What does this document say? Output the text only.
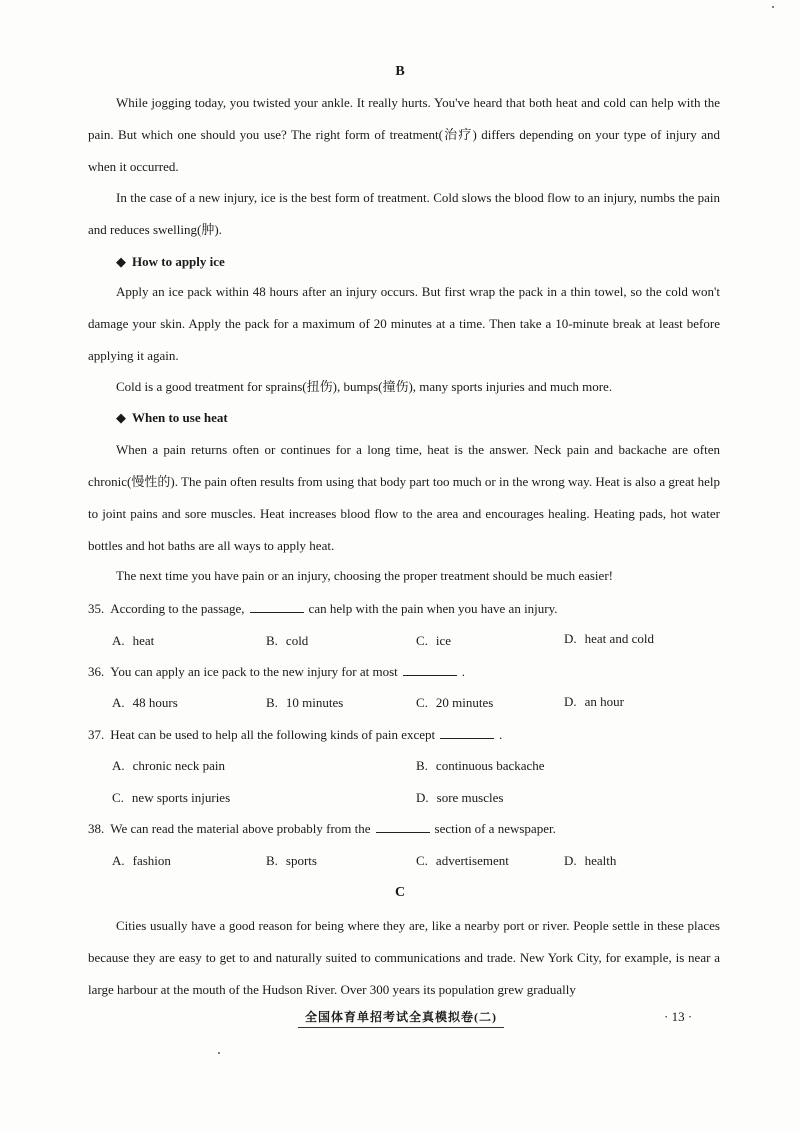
B

While jogging today, you twisted your ankle. It really hurts. You've heard that both heat and cold can help with the pain. But which one should you use? The right form of treatment(治疗) differs depending on your type of injury and when it occurred.

In the case of a new injury, ice is the best form of treatment. Cold slows the blood flow to an injury, numbs the pain and reduces swelling(肿).

◆ How to apply ice

Apply an ice pack within 48 hours after an injury occurs. But first wrap the pack in a thin towel, so the cold won't damage your skin. Apply the pack for a maximum of 20 minutes at a time. Then take a 10-minute break at least before applying it again.

Cold is a good treatment for sprains(扭伤), bumps(撞伤), many sports injuries and much more.

◆ When to use heat

When a pain returns often or continues for a long time, heat is the answer. Neck pain and backache are often chronic(慢性的). The pain often results from using that body part too much or in the wrong way. Heat is also a great help to joint pains and sore muscles. Heat increases blood flow to the area and encourages healing. Heating pads, hot water bottles and hot baths are all ways to apply heat.

The next time you have pain or an injury, choosing the proper treatment should be much easier!

35. According to the passage,	can help with the pain when you have an injury.
A. heat	B. cold	C. ice	D. heat and cold
36. You can apply an ice pack to the new injury for at most	.
A. 48 hours	B. 10 minutes	C. 20 minutes	D. an hour
37. Heat can be used to help all the following kinds of pain except	.
A. chronic neck pain	B. continuous backache
C. new sports injuries	D. sore muscles
38. We can read the material above probably from the	section of a newspaper.
A. fashion	B. sports	C. advertisement	D. health
C

Cities usually have a good reason for being where they are, like a nearby port or river. People settle in these places because they are easy to get to and naturally suited to communications and trade. New York City, for example, is near a large harbour at the mouth of the Hudson River. Over 300 years its population grew gradually

全国体育单招考试全真模拟卷(二)	· 13 ·
